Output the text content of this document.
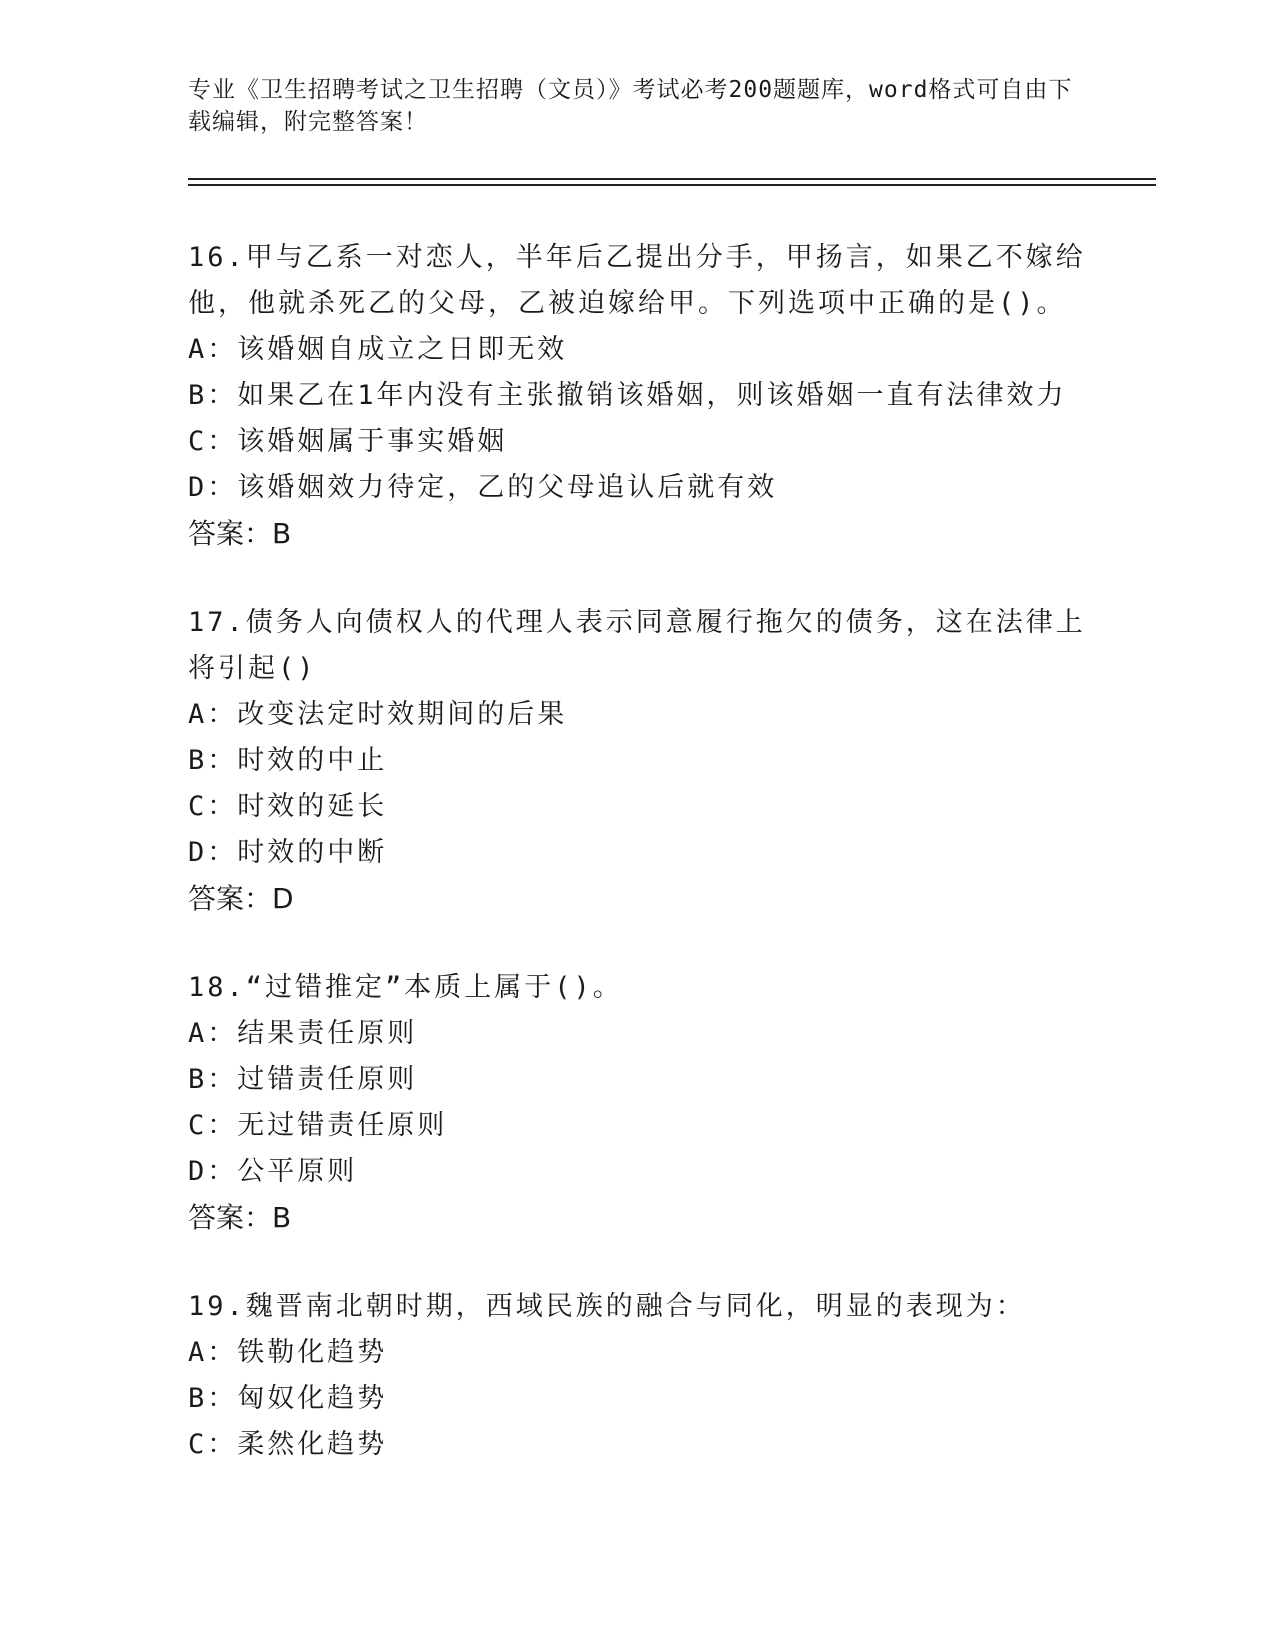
专业《卫生招聘考试之卫生招聘（文员）》考试必考200题题库，word格式可自由下载编辑，附完整答案！

16.甲与乙系一对恋人，半年后乙提出分手，甲扬言，如果乙不嫁给他，他就杀死乙的父母，乙被迫嫁给甲。下列选项中正确的是()。

A：该婚姻自成立之日即无效

B：如果乙在1年内没有主张撤销该婚姻，则该婚姻一直有法律效力

C：该婚姻属于事实婚姻

D：该婚姻效力待定，乙的父母追认后就有效

答案：B

17.债务人向债权人的代理人表示同意履行拖欠的债务，这在法律上将引起()

A：改变法定时效期间的后果

B：时效的中止

C：时效的延长

D：时效的中断

答案：D

18.“过错推定”本质上属于()。

A：结果责任原则

B：过错责任原则

C：无过错责任原则

D：公平原则

答案：B

19.魏晋南北朝时期，西域民族的融合与同化，明显的表现为：

A：铁勒化趋势

B：匈奴化趋势

C：柔然化趋势
